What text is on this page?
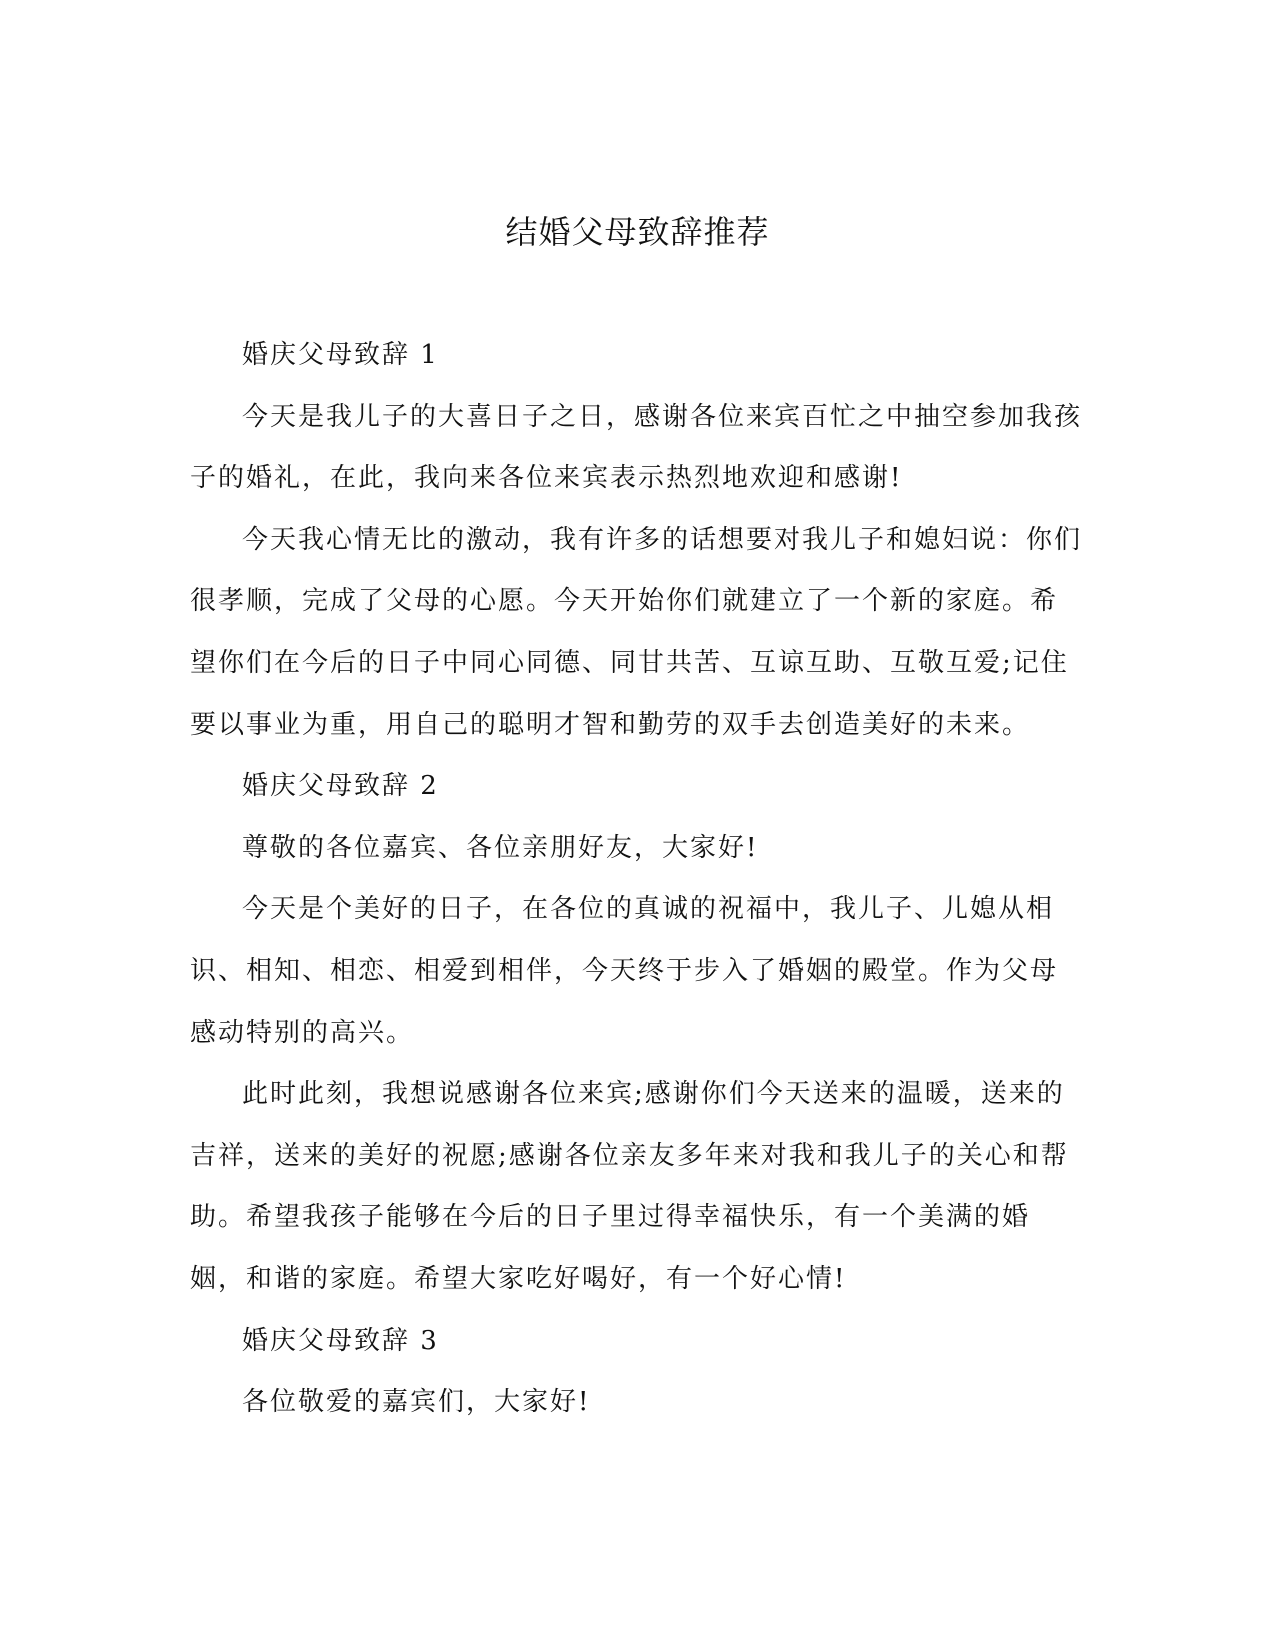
结婚父母致辞推荐

婚庆父母致辞 1

今天是我儿子的大喜日子之日，感谢各位来宾百忙之中抽空参加我孩子的婚礼，在此，我向来各位来宾表示热烈地欢迎和感谢!

今天我心情无比的激动，我有许多的话想要对我儿子和媳妇说：你们很孝顺，完成了父母的心愿。今天开始你们就建立了一个新的家庭。希望你们在今后的日子中同心同德、同甘共苦、互谅互助、互敬互爱;记住要以事业为重，用自己的聪明才智和勤劳的双手去创造美好的未来。

婚庆父母致辞 2

尊敬的各位嘉宾、各位亲朋好友，大家好!

今天是个美好的日子，在各位的真诚的祝福中，我儿子、儿媳从相识、相知、相恋、相爱到相伴，今天终于步入了婚姻的殿堂。作为父母感动特别的高兴。

此时此刻，我想说感谢各位来宾;感谢你们今天送来的温暖，送来的吉祥，送来的美好的祝愿;感谢各位亲友多年来对我和我儿子的关心和帮助。希望我孩子能够在今后的日子里过得幸福快乐，有一个美满的婚姻，和谐的家庭。希望大家吃好喝好，有一个好心情!

婚庆父母致辞 3

各位敬爱的嘉宾们，大家好!
